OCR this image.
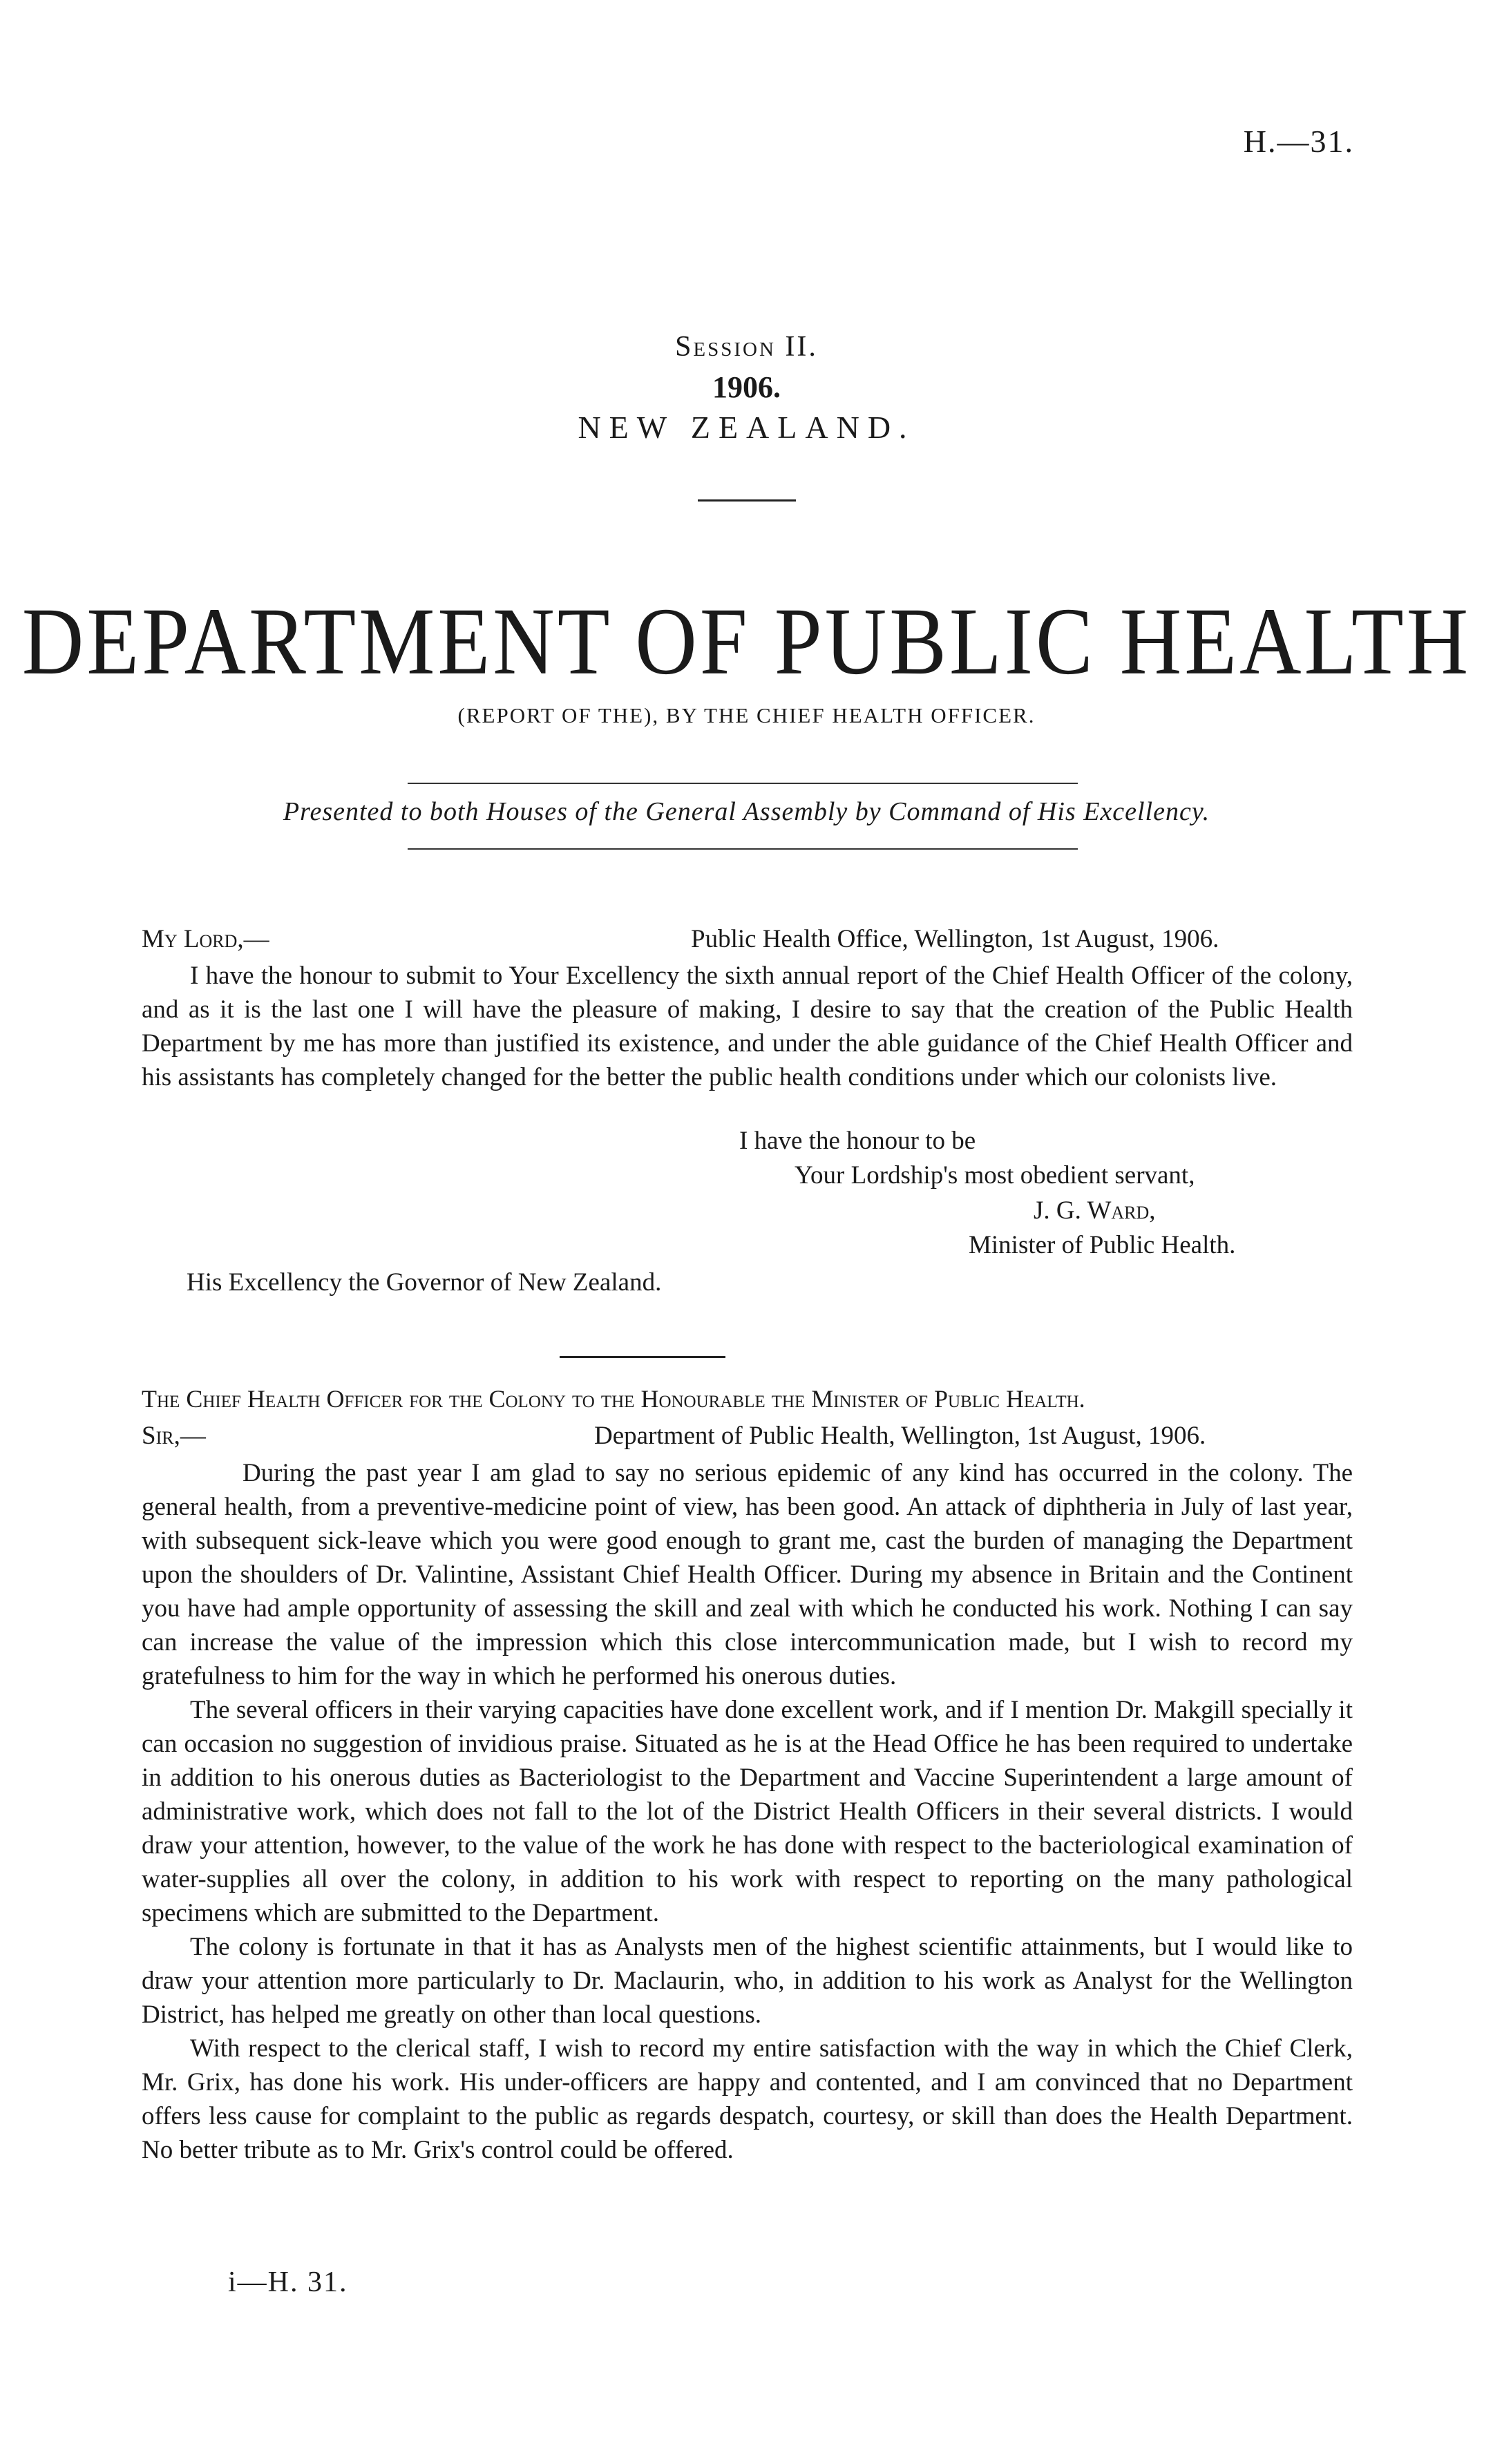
H.—31.
Session II.
1906.
NEW ZEALAND.
DEPARTMENT OF PUBLIC HEALTH
(REPORT OF THE), BY THE CHIEF HEALTH OFFICER.
Presented to both Houses of the General Assembly by Command of His Excellency.
My Lord,—	Public Health Office, Wellington, 1st August, 1906.

I have the honour to submit to Your Excellency the sixth annual report of the Chief Health Officer of the colony, and as it is the last one I will have the pleasure of making, I desire to say that the creation of the Public Health Department by me has more than justified its existence, and under the able guidance of the Chief Health Officer and his assistants has completely changed for the better the public health conditions under which our colonists live.

I have the honour to be
Your Lordship's most obedient servant,
J. G. Ward,
Minister of Public Health.
His Excellency the Governor of New Zealand.
The Chief Health Officer for the Colony to the Honourable the Minister of Public Health.
Sir,—	Department of Public Health, Wellington, 1st August, 1906.

During the past year I am glad to say no serious epidemic of any kind has occurred in the colony. The general health, from a preventive-medicine point of view, has been good. An attack of diphtheria in July of last year, with subsequent sick-leave which you were good enough to grant me, cast the burden of managing the Department upon the shoulders of Dr. Valintine, Assistant Chief Health Officer. During my absence in Britain and the Continent you have had ample opportunity of assessing the skill and zeal with which he conducted his work. Nothing I can say can increase the value of the impression which this close intercommunication made, but I wish to record my gratefulness to him for the way in which he performed his onerous duties.

The several officers in their varying capacities have done excellent work, and if I mention Dr. Makgill specially it can occasion no suggestion of invidious praise. Situated as he is at the Head Office he has been required to undertake in addition to his onerous duties as Bacteriologist to the Department and Vaccine Superintendent a large amount of administrative work, which does not fall to the lot of the District Health Officers in their several districts. I would draw your attention, however, to the value of the work he has done with respect to the bacteriological examination of water-supplies all over the colony, in addition to his work with respect to reporting on the many pathological specimens which are submitted to the Department.

The colony is fortunate in that it has as Analysts men of the highest scientific attainments, but I would like to draw your attention more particularly to Dr. Maclaurin, who, in addition to his work as Analyst for the Wellington District, has helped me greatly on other than local questions.

With respect to the clerical staff, I wish to record my entire satisfaction with the way in which the Chief Clerk, Mr. Grix, has done his work. His under-officers are happy and contented, and I am convinced that no Department offers less cause for complaint to the public as regards despatch, courtesy, or skill than does the Health Department. No better tribute as to Mr. Grix's control could be offered.

i—H. 31.
